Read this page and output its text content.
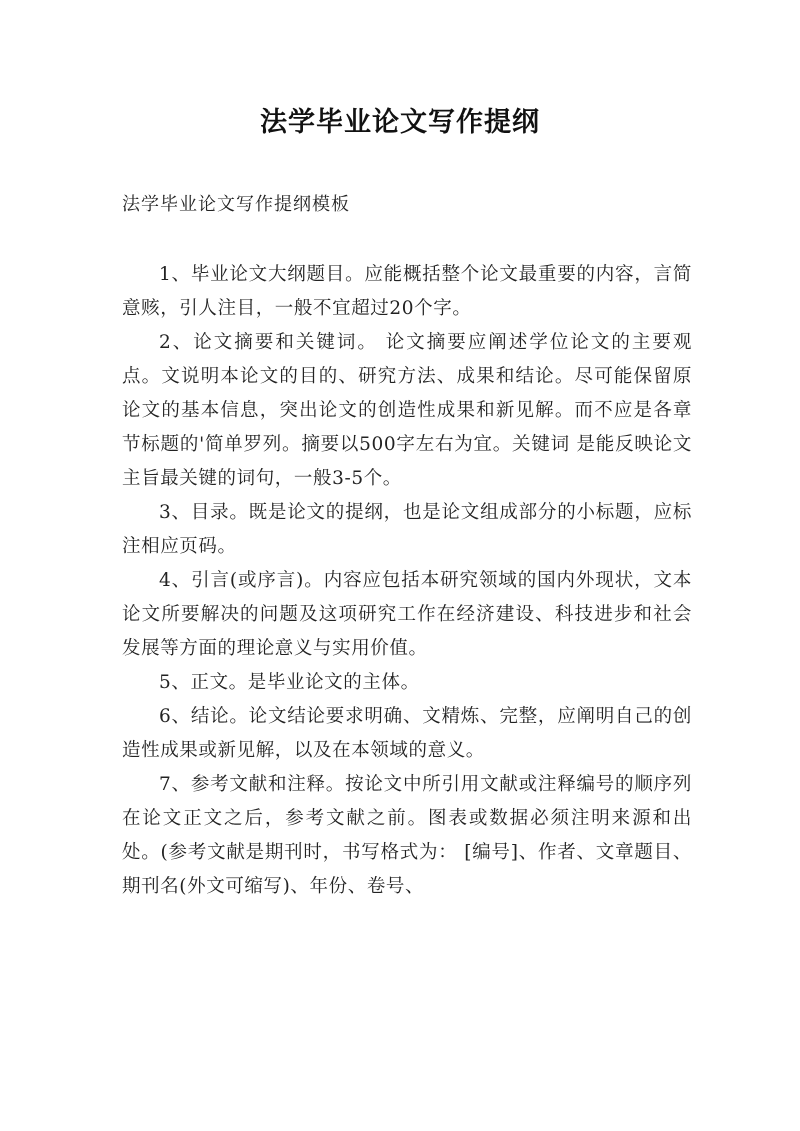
法学毕业论文写作提纲
法学毕业论文写作提纲模板

1、毕业论文大纲题目。应能概括整个论文最重要的内容，言简意赅，引人注目，一般不宜超过20个字。

2、论文摘要和关键词。 论文摘要应阐述学位论文的主要观点。文说明本论文的目的、研究方法、成果和结论。尽可能保留原论文的基本信息，突出论文的创造性成果和新见解。而不应是各章节标题的'简单罗列。摘要以500字左右为宜。关键词 是能反映论文主旨最关键的词句，一般3-5个。

3、目录。既是论文的提纲，也是论文组成部分的小标题，应标注相应页码。

4、引言(或序言)。内容应包括本研究领域的国内外现状，文本论文所要解决的问题及这项研究工作在经济建设、科技进步和社会发展等方面的理论意义与实用价值。

5、正文。是毕业论文的主体。

6、结论。论文结论要求明确、文精炼、完整，应阐明自己的创造性成果或新见解，以及在本领域的意义。

7、参考文献和注释。按论文中所引用文献或注释编号的顺序列在论文正文之后，参考文献之前。图表或数据必须注明来源和出处。(参考文献是期刊时，书写格式为： [编号]、作者、文章题目、期刊名(外文可缩写)、年份、卷号、
